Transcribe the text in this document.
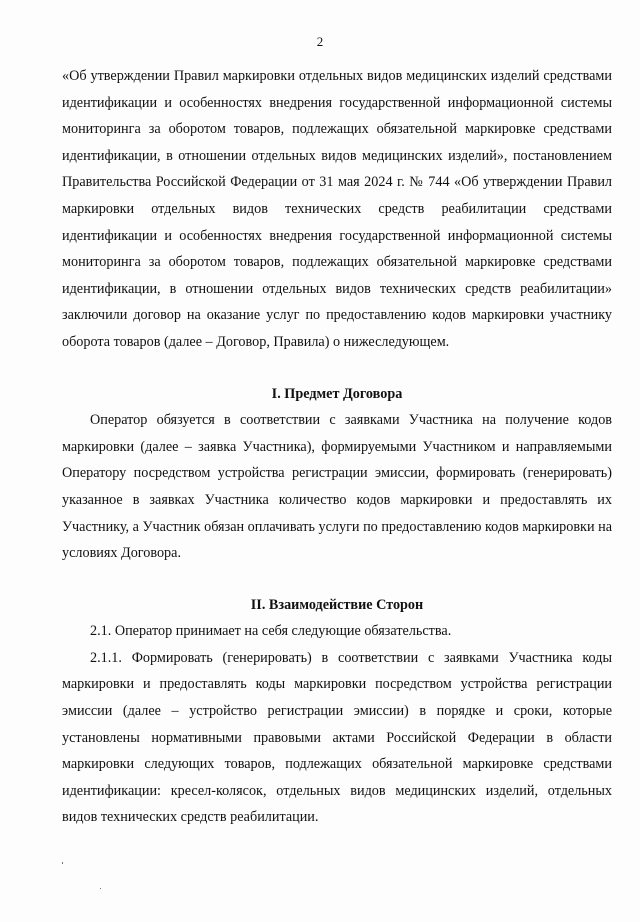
2

«Об утверждении Правил маркировки отдельных видов медицинских изделий средствами идентификации и особенностях внедрения государственной информационной системы мониторинга за оборотом товаров, подлежащих обязательной маркировке средствами идентификации, в отношении отдельных видов медицинских изделий», постановлением Правительства Российской Федерации от 31 мая 2024 г. № 744 «Об утверждении Правил маркировки отдельных видов технических средств реабилитации средствами идентификации и особенностях внедрения государственной информационной системы мониторинга за оборотом товаров, подлежащих обязательной маркировке средствами идентификации, в отношении отдельных видов технических средств реабилитации» заключили договор на оказание услуг по предоставлению кодов маркировки участнику оборота товаров (далее – Договор, Правила) о нижеследующем.

I. Предмет Договора

Оператор обязуется в соответствии с заявками Участника на получение кодов маркировки (далее – заявка Участника), формируемыми Участником и направляемыми Оператору посредством устройства регистрации эмиссии, формировать (генерировать) указанное в заявках Участника количество кодов маркировки и предоставлять их Участнику, а Участник обязан оплачивать услуги по предоставлению кодов маркировки на условиях Договора.

II. Взаимодействие Сторон

2.1. Оператор принимает на себя следующие обязательства.

2.1.1. Формировать (генерировать) в соответствии с заявками Участника коды маркировки и предоставлять коды маркировки посредством устройства регистрации эмиссии (далее – устройство регистрации эмиссии) в порядке и сроки, которые установлены нормативными правовыми актами Российской Федерации в области маркировки следующих товаров, подлежащих обязательной маркировке средствами идентификации: кресел-колясок, отдельных видов медицинских изделий, отдельных видов технических средств реабилитации.
